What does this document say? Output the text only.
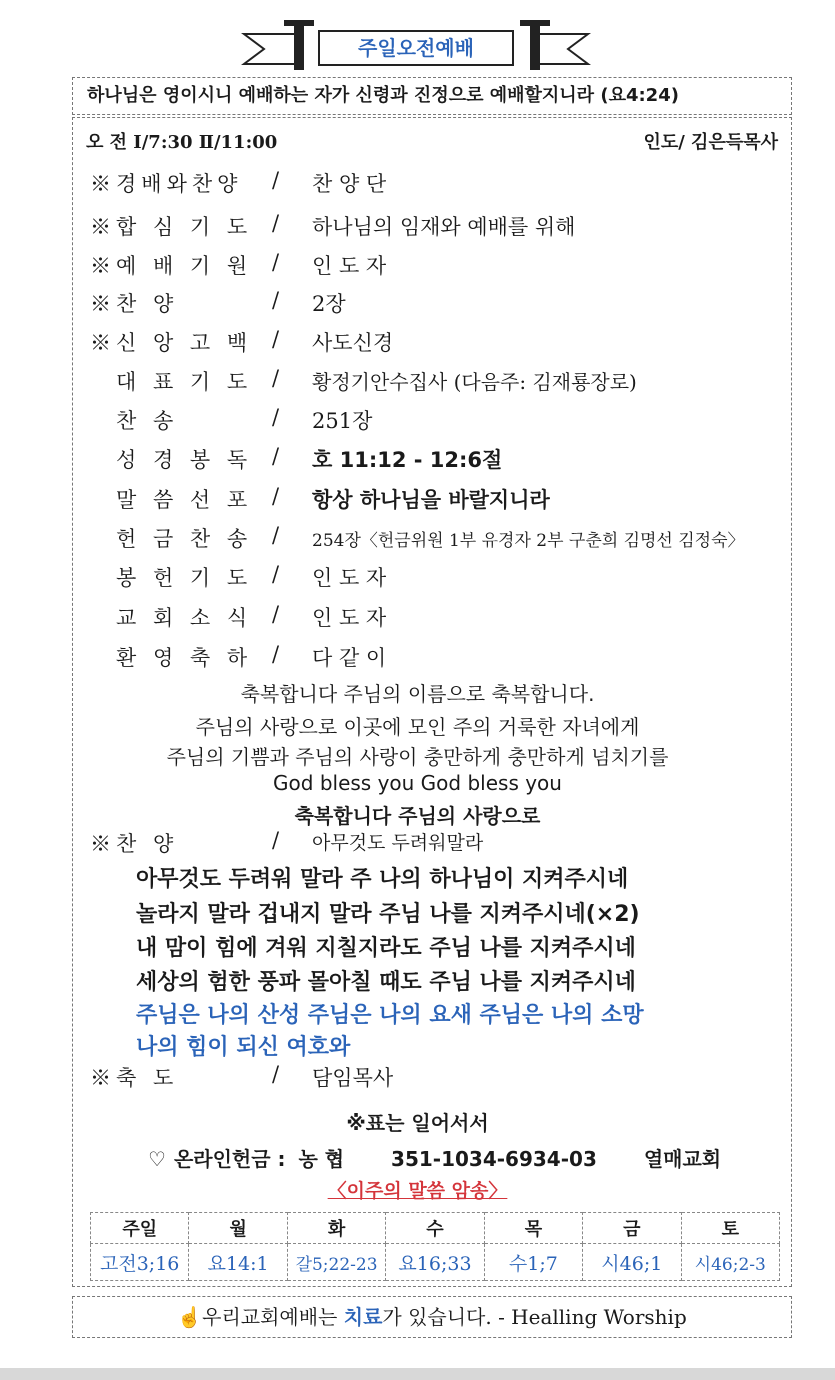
주일오전예배
하나님은 영이시니 예배하는 자가 신령과 진정으로 예배할지니라 (요4:24)
오 전 Ⅰ/7:30 Ⅱ/11:00	인도/ 김은득목사
※경배와찬양 / 찬 양 단
※합 심 기 도 / 하나님의 임재와 예배를 위해
※예 배 기 원 / 인 도 자
※찬 양	/ 2장
※신 앙 고 백 / 사도신경
대 표 기 도 / 황정기안수집사 (다음주: 김재룡장로)
찬 송	/ 251장
성 경 봉 독 / 호 11:12 - 12:6절
말 씀 선 포 / 항상 하나님을 바랄지니라
헌 금 찬 송 / 254장〈헌금위원 1부 유경자 2부 구춘희 김명선 김정숙〉
봉 헌 기 도 / 인 도 자
교 회 소 식 / 인 도 자
환 영 축 하 / 다 같 이
축복합니다 주님의 이름으로 축복합니다.
주님의 사랑으로 이곳에 모인 주의 거룩한 자녀에게
주님의 기쁨과 주님의 사랑이 충만하게 충만하게 넘치기를
God bless you God bless you
축복합니다 주님의 사랑으로
※찬 양	/ 아무것도 두려워말라
아무것도 두려워 말라 주 나의 하나님이 지켜주시네
놀라지 말라 겁내지 말라 주님 나를 지켜주시네(×2)
내 맘이 힘에 겨워 지칠지라도 주님 나를 지켜주시네
세상의 험한 풍파 몰아칠 때도 주님 나를 지켜주시네
주님은 나의 산성 주님은 나의 요새 주님은 나의 소망
나의 힘이 되신 여호와
※축 도	/ 담임목사
※표는 일어서서
♡ 온라인헌금 : 농 협 351-1034-6934-03 열매교회
〈이주의 말씀 암송〉
주일	월	화	수	목	금	토
고전3;16	요14:1	갈5;22-23	요16;33	수1;7	시46;1	시46;2-3
☝우리교회예배는 치료가 있습니다. - Healling Worship
